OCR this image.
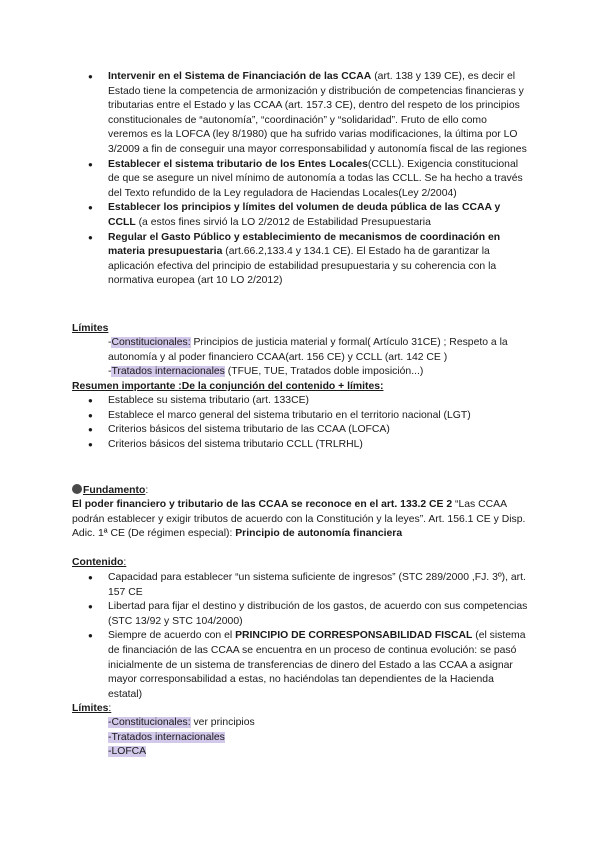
● Intervenir en el Sistema de Financiación de las CCAA (art. 138 y 139 CE), es decir el Estado tiene la competencia de armonización y distribución de competencias financieras y tributarias entre el Estado y las CCAA (art. 157.3 CE), dentro del respeto de los principios constitucionales de “autonomía”, “coordinación” y “solidaridad”. Fruto de ello como veremos es la LOFCA (ley 8/1980) que ha sufrido varias modificaciones, la última por LO 3/2009 a fin de conseguir una mayor corresponsabilidad y autonomía fiscal de las regiones
● Establecer el sistema tributario de los Entes Locales(CCLL). Exigencia constitucional de que se asegure un nivel mínimo de autonomía a todas las CCLL. Se ha hecho a través del Texto refundido de la Ley reguladora de Haciendas Locales(Ley 2/2004)
● Establecer los principios y límites del volumen de deuda pública de las CCAA y CCLL (a estos fines sirvió la LO 2/2012 de Estabilidad Presupuestaria
● Regular el Gasto Público y establecimiento de mecanismos de coordinación en materia presupuestaria (art.66.2,133.4 y 134.1 CE). El Estado ha de garantizar la aplicación efectiva del principio de estabilidad presupuestaria y su coherencia con la normativa europea (art 10 LO 2/2012)
Límites
-Constitucionales: Principios de justicia material y formal( Artículo 31CE) ; Respeto a la autonomía y al poder financiero CCAA(art. 156 CE) y CCLL (art. 142 CE )
-Tratados internacionales (TFUE, TUE, Tratados doble imposición...)
Resumen importante :De la conjunción del contenido + límites:
● Establece su sistema tributario (art. 133CE)
● Establece el marco general del sistema tributario en el territorio nacional (LGT)
● Criterios básicos del sistema tributario de las CCAA (LOFCA)
● Criterios básicos del sistema tributario CCLL (TRLRHL)
Fundamento:
El poder financiero y tributario de las CCAA se reconoce en el art. 133.2 CE 2 “Las CCAA podrán establecer y exigir tributos de acuerdo con la Constitución y la leyes”. Art. 156.1 CE y Disp. Adic. 1ª CE (De régimen especial): Principio de autonomía financiera
Contenido:
● Capacidad para establecer “un sistema suficiente de ingresos” (STC 289/2000 ,FJ. 3º), art. 157 CE
● Libertad para fijar el destino y distribución de los gastos, de acuerdo con sus competencias (STC 13/92 y STC 104/2000)
● Siempre de acuerdo con el PRINCIPIO DE CORRESPONSABILIDAD FISCAL (el sistema de financiación de las CCAA se encuentra en un proceso de continua evolución: se pasó inicialmente de un sistema de transferencias de dinero del Estado a las CCAA a asignar mayor corresponsabilidad a estas, no haciéndolas tan dependientes de la Hacienda estatal)
Límites:
-Constitucionales: ver principios
-Tratados internacionales
-LOFCA
